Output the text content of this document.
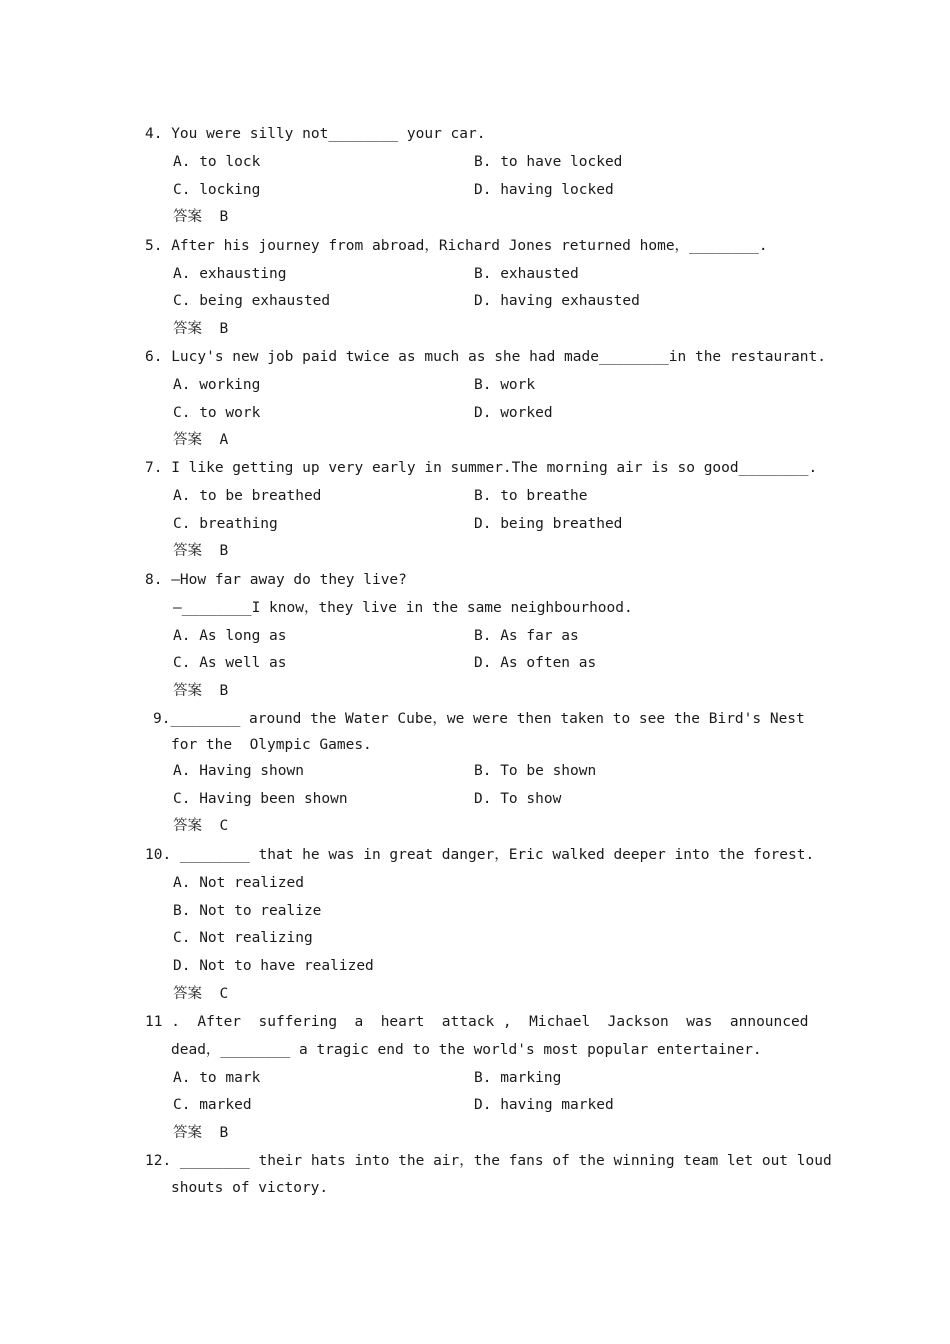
4. You were silly not________ your car.
A. to lock	B. to have locked
C. locking	D. having locked
答案  B
5. After his journey from abroad，Richard Jones returned home，________.
A. exhausting	B. exhausted
C. being exhausted	D. having exhausted
答案  B
6. Lucy's new job paid twice as much as she had made________in the restaurant.
A. working	B. work
C. to work	D. worked
答案  A
7. I like getting up very early in summer.The morning air is so good________.
A. to be breathed	B. to breathe
C. breathing	D. being breathed
答案  B
8. —How far away do they live?
—________I know，they live in the same neighbourhood.
A. As long as	B. As far as
C. As well as	D. As often as
答案  B
9.________ around the Water Cube，we were then taken to see the Bird's Nest
for the  Olympic Games.
A. Having shown	B. To be shown
C. Having been shown	D. To show
答案  C
10. ________ that he was in great danger，Eric walked deeper into the forest.
A. Not realized
B. Not to realize
C. Not realizing
D. Not to have realized
答案  C
11 .  After  suffering  a  heart  attack ,  Michael  Jackson  was  announced
dead，________ a tragic end to the world's most popular entertainer.
A. to mark	B. marking
C. marked	D. having marked
答案  B
12. ________ their hats into the air，the fans of the winning team let out loud
shouts of victory.
